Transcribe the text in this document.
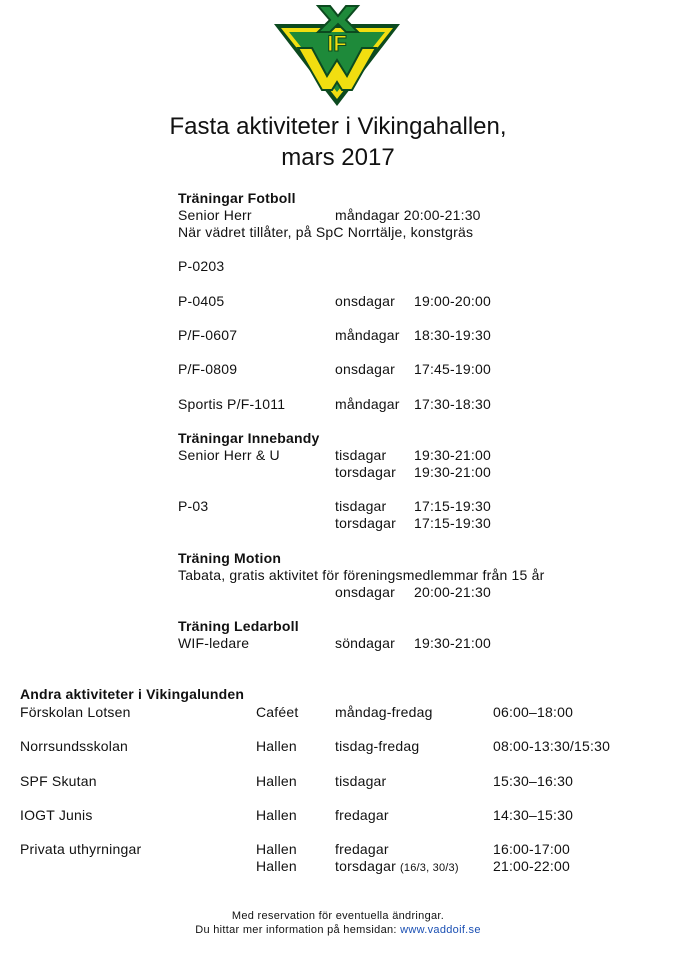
IF
Fasta aktiviteter i Vikingahallen,
mars 2017
Träningar Fotboll
Senior Herr	måndagar 20:00-21:30
När vädret tillåter, på SpC Norrtälje, konstgräs
P-0203
P-0405	onsdagar 19:00-20:00
P/F-0607	måndagar 18:30-19:30
P/F-0809	onsdagar 17:45-19:00
Sportis P/F-1011	måndagar 17:30-18:30
Träningar Innebandy
Senior Herr & U	tisdagar 19:30-21:00
torsdagar 19:30-21:00
P-03	tisdagar 17:15-19:30
torsdagar 17:15-19:30
Träning Motion
Tabata, gratis aktivitet för föreningsmedlemmar från 15 år
onsdagar 20:00-21:30
Träning Ledarboll
WIF-ledare	söndagar 19:30-21:00
Andra aktiviteter i Vikingalunden
Förskolan Lotsen	Caféet	måndag-fredag	06:00–18:00
Norrsundsskolan	Hallen	tisdag-fredag	08:00-13:30/15:30
SPF Skutan	Hallen	tisdagar	15:30–16:30
IOGT Junis	Hallen	fredagar	14:30–15:30
Privata uthyrningar	Hallen	fredagar	16:00-17:00
Hallen	torsdagar (16/3, 30/3) 21:00-22:00
Med reservation för eventuella ändringar.
Du hittar mer information på hemsidan: www.vaddoif.se
